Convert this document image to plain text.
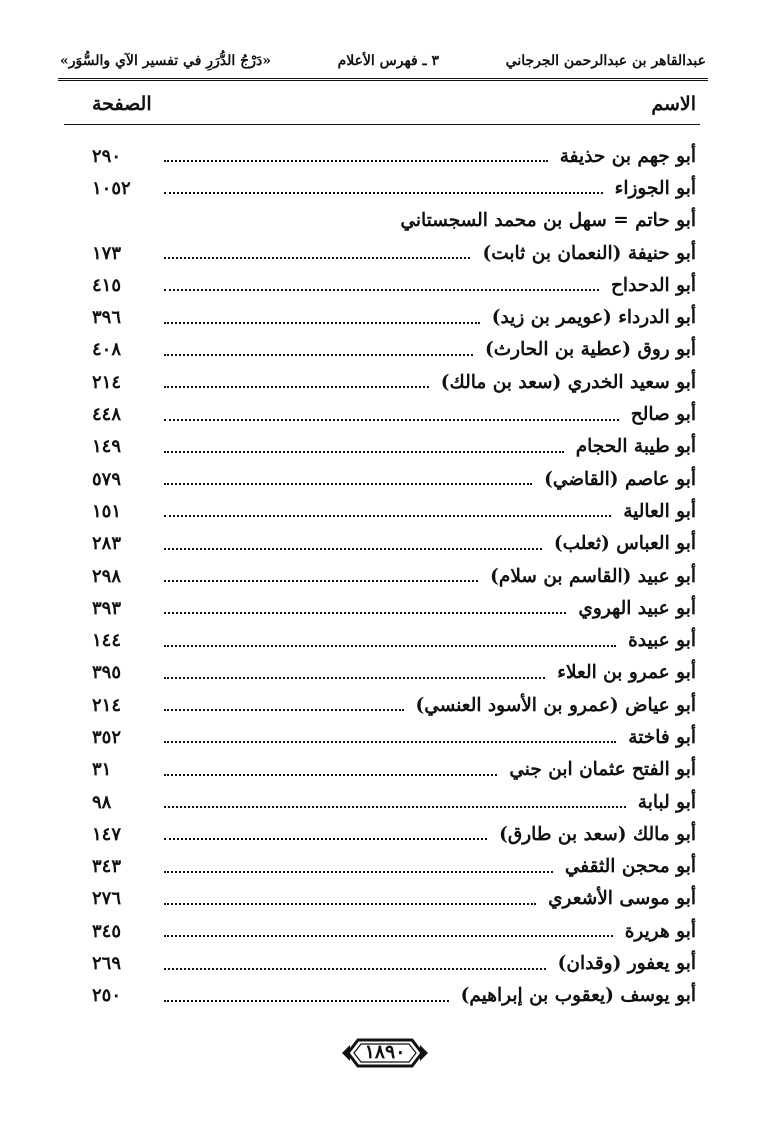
«دَرْجُ الدُّرَرِ في تفسير الآي والسُّوَر»	٣ ـ فهرس الأعلام	عبدالقاهر بن عبدالرحمن الجرجاني
الاسم
الصفحة
أبو جهم بن حذيفة
٢٩٠
أبو الجوزاء
١٠٥٢
أبو حاتم = سهل بن محمد السجستاني
أبو حنيفة (النعمان بن ثابت)
١٧٣
أبو الدحداح
٤١٥
أبو الدرداء (عويمر بن زيد)
٣٩٦
أبو روق (عطية بن الحارث)
٤٠٨
أبو سعيد الخدري (سعد بن مالك)
٢١٤
أبو صالح
٤٤٨
أبو طيبة الحجام
١٤٩
أبو عاصم (القاضي)
٥٧٩
أبو العالية
١٥١
أبو العباس (ثعلب)
٢٨٣
أبو عبيد (القاسم بن سلام)
٢٩٨
أبو عبيد الهروي
٣٩٣
أبو عبيدة
١٤٤
أبو عمرو بن العلاء
٣٩٥
أبو عياض (عمرو بن الأسود العنسي)
٢١٤
أبو فاختة
٣٥٢
أبو الفتح عثمان ابن جني
٣١
أبو لبابة
٩٨
أبو مالك (سعد بن طارق)
١٤٧
أبو محجن الثقفي
٣٤٣
أبو موسى الأشعري
٢٧٦
أبو هريرة
٣٤٥
أبو يعفور (وقدان)
٢٦٩
أبو يوسف (يعقوب بن إبراهيم)
٢٥٠
١٨٩٠
